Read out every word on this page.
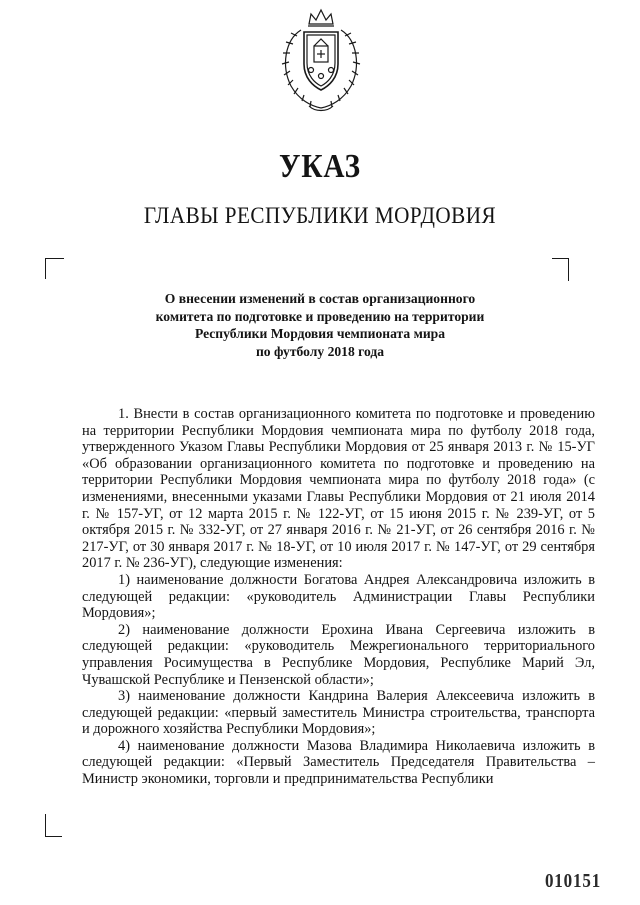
УКАЗ
ГЛАВЫ РЕСПУБЛИКИ МОРДОВИЯ
О внесении изменений в состав организационного
комитета по подготовке и проведению на территории
Республики Мордовия чемпионата мира
по футболу 2018 года

1. Внести в состав организационного комитета по подготовке и проведению на территории Республики Мордовия чемпионата мира по футболу 2018 года, утвержденного Указом Главы Республики Мордовия от 25 января 2013 г. № 15-УГ «Об образовании организационного комитета по подготовке и проведению на территории Республики Мордовия чемпионата мира по футболу 2018 года» (с изменениями, внесенными указами Главы Республики Мордовия от 21 июля 2014 г. № 157-УГ, от 12 марта 2015 г. № 122-УГ, от 15 июня 2015 г. № 239-УГ, от 5 октября 2015 г. № 332-УГ, от 27 января 2016 г. № 21-УГ, от 26 сентября 2016 г. № 217-УГ, от 30 января 2017 г. № 18-УГ, от 10 июля 2017 г. № 147-УГ, от 29 сентября 2017 г. № 236-УГ), следующие изменения:

1) наименование должности Богатова Андрея Александровича изложить в следующей редакции: «руководитель Администрации Главы Республики Мордовия»;

2) наименование должности Ерохина Ивана Сергеевича изложить в следующей редакции: «руководитель Межрегионального территориального управления Росимущества в Республике Мордовия, Республике Марий Эл, Чувашской Республике и Пензенской области»;

3) наименование должности Кандрина Валерия Алексеевича изложить в следующей редакции: «первый заместитель Министра строительства, транспорта и дорожного хозяйства Республики Мордовия»;

4) наименование должности Мазова Владимира Николаевича изложить в следующей редакции: «Первый Заместитель Председателя Правительства – Министр экономики, торговли и предпринимательства Республики

010151
